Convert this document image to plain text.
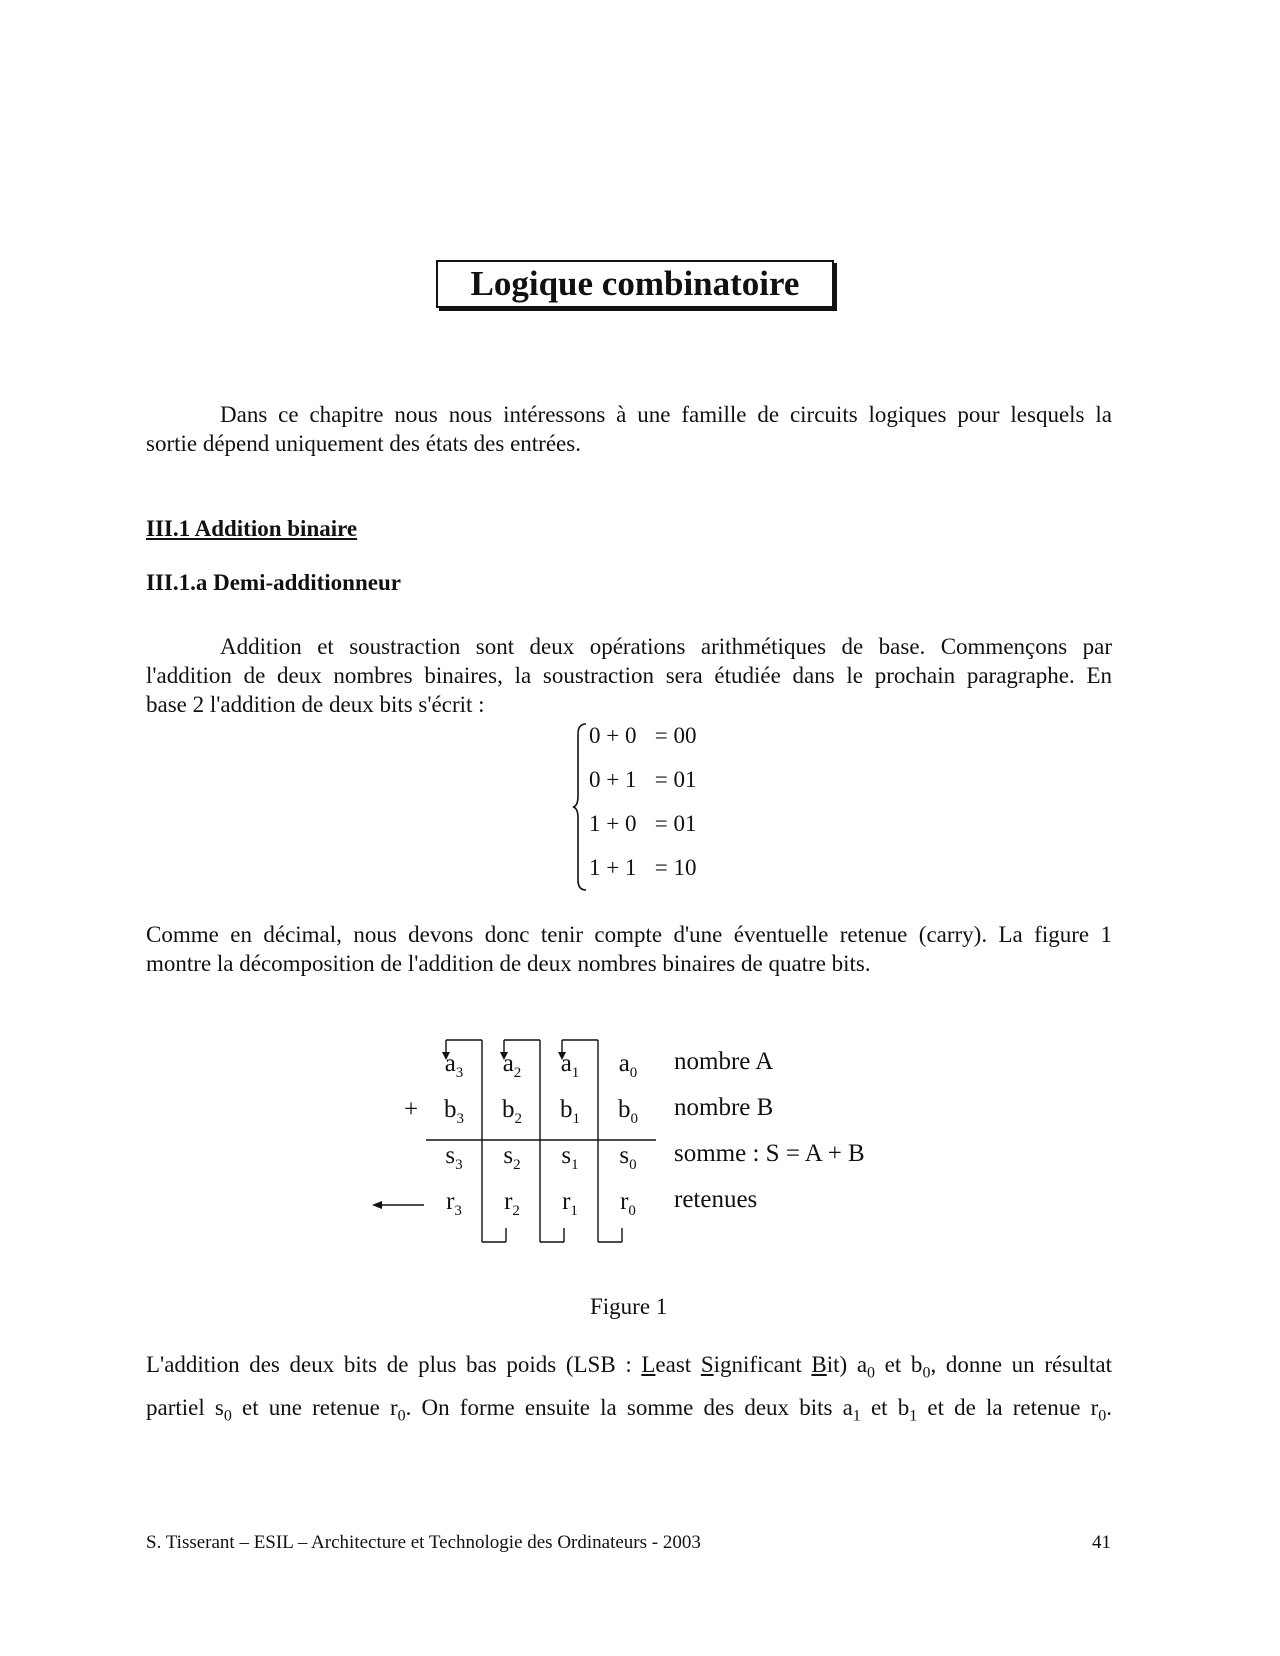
Logique combinatoire
Dans ce chapitre nous nous intéressons à une famille de circuits logiques pour lesquels la
sortie dépend uniquement des états des entrées.
III.1 Addition binaire
III.1.a Demi-additionneur
Addition et soustraction sont deux opérations arithmétiques de base. Commençons par
l'addition de deux nombres binaires, la soustraction sera étudiée dans le prochain paragraphe. En
base 2 l'addition de deux bits s'écrit :
0 + 0 = 00
0 + 1 = 01
1 + 0 = 01
1 + 1 = 10
Comme en décimal, nous devons donc tenir compte d'une éventuelle retenue (carry). La figure 1
montre la décomposition de l'addition de deux nombres binaires de quatre bits.
$a_3$	$a_2$	$a_1$	$a_0$	nombre A
+	$b_3$	$b_2$	$b_1$	$b_0$	nombre B
$s_3$	$s_2$	$s_1$	$s_0$	somme : S = A + B
$r_3$	$r_2$	$r_1$	$r_0$	retenues
Figure 1
L'addition des deux bits de plus bas poids (LSB : Least Significant Bit) $a_0$ et $b_0$, donne un résultat
partiel $s_0$ et une retenue $r_0$. On forme ensuite la somme des deux bits $a_1$ et $b_1$ et de la retenue $r_0$.
S. Tisserant – ESIL – Architecture et Technologie des Ordinateurs - 2003	41
